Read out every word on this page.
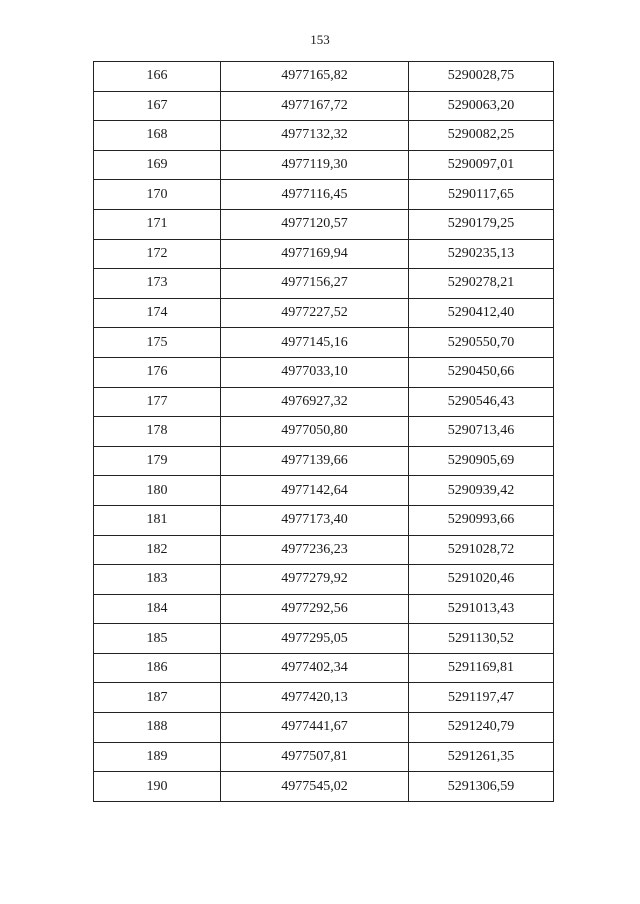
153
166	4977165,82	5290028,75
167	4977167,72	5290063,20
168	4977132,32	5290082,25
169	4977119,30	5290097,01
170	4977116,45	5290117,65
171	4977120,57	5290179,25
172	4977169,94	5290235,13
173	4977156,27	5290278,21
174	4977227,52	5290412,40
175	4977145,16	5290550,70
176	4977033,10	5290450,66
177	4976927,32	5290546,43
178	4977050,80	5290713,46
179	4977139,66	5290905,69
180	4977142,64	5290939,42
181	4977173,40	5290993,66
182	4977236,23	5291028,72
183	4977279,92	5291020,46
184	4977292,56	5291013,43
185	4977295,05	5291130,52
186	4977402,34	5291169,81
187	4977420,13	5291197,47
188	4977441,67	5291240,79
189	4977507,81	5291261,35
190	4977545,02	5291306,59
